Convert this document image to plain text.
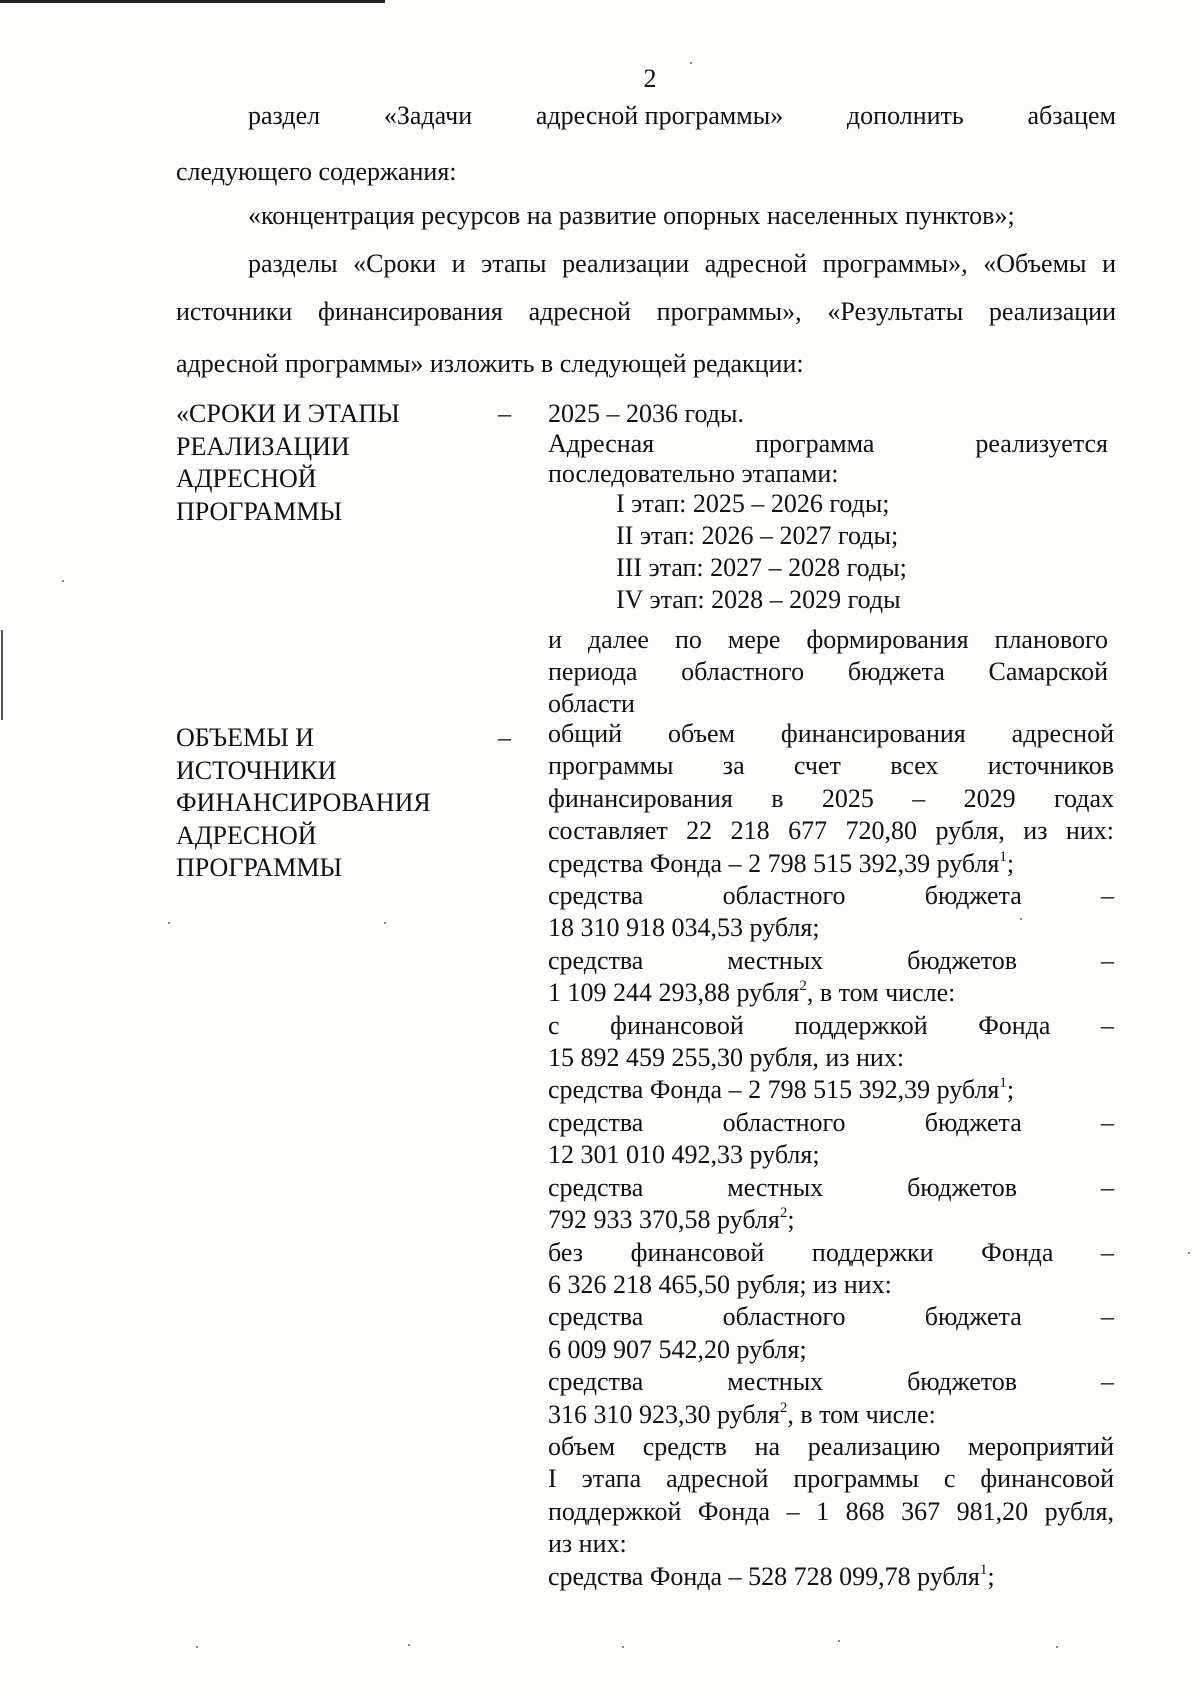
2
раздел «Задачи адресной программы» дополнить абзацем
следующего содержания:
«концентрация ресурсов на развитие опорных населенных пунктов»;
разделы «Сроки и этапы реализации адресной программы», «Объемы и
источники финансирования адресной программы», «Результаты реализации
адресной программы» изложить в следующей редакции:
«СРОКИ И ЭТАПЫ
РЕАЛИЗАЦИИ
АДРЕСНОЙ
ПРОГРАММЫ
– 2025 – 2036 годы.
Адресная программа реализуется
последовательно этапами:
I этап: 2025 – 2026 годы;
II этап: 2026 – 2027 годы;
III этап: 2027 – 2028 годы;
IV этап: 2028 – 2029 годы
и далее по мере формирования планового
периода областного бюджета Самарской
области
ОБЪЕМЫ И
ИСТОЧНИКИ
ФИНАНСИРОВАНИЯ
АДРЕСНОЙ
ПРОГРАММЫ
– общий объем финансирования адресной
программы за счет всех источников
финансирования в 2025 – 2029 годах
составляет 22 218 677 720,80 рубля, из них:
средства Фонда – 2 798 515 392,39 рубля$^1$;
средства областного бюджета –
18 310 918 034,53 рубля;
средства местных бюджетов –
1 109 244 293,88 рубля$^2$, в том числе:
с финансовой поддержкой Фонда –
15 892 459 255,30 рубля, из них:
средства Фонда – 2 798 515 392,39 рубля$^1$;
средства областного бюджета –
12 301 010 492,33 рубля;
средства местных бюджетов –
792 933 370,58 рубля$^2$;
без финансовой поддержки Фонда –
6 326 218 465,50 рубля; из них:
средства областного бюджета –
6 009 907 542,20 рубля;
средства местных бюджетов –
316 310 923,30 рубля$^2$, в том числе:
объем средств на реализацию мероприятий
I этапа адресной программы с финансовой
поддержкой Фонда – 1 868 367 981,20 рубля,
из них:
средства Фонда – 528 728 099,78 рубля$^1$;
